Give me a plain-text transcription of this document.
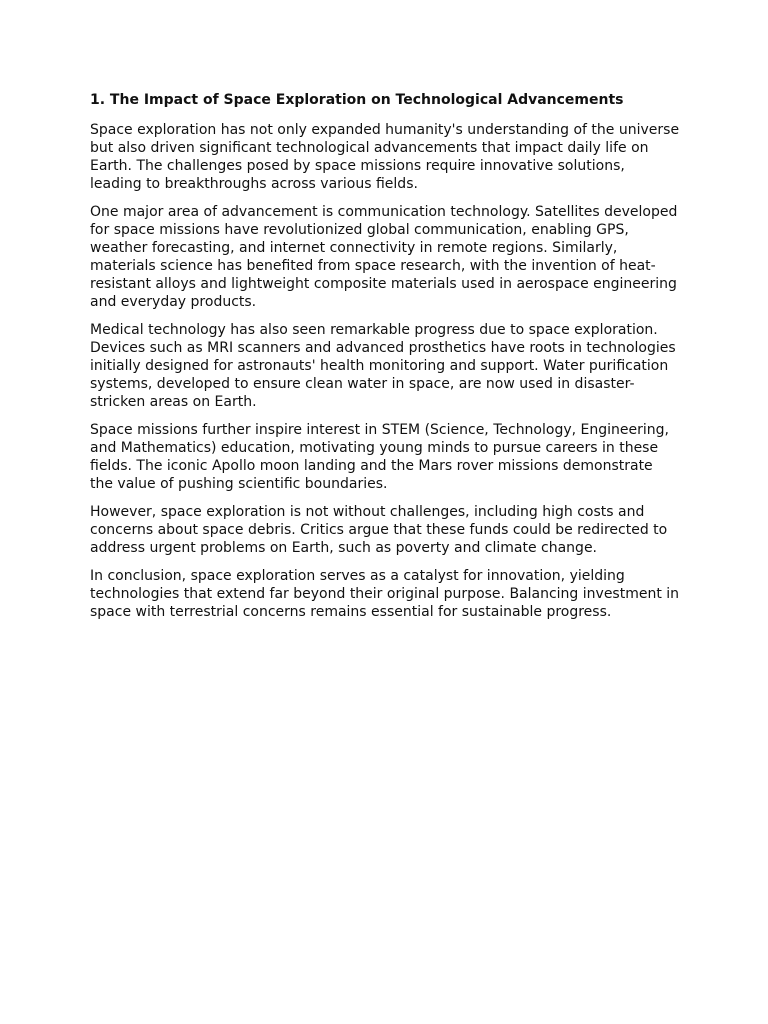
1. The Impact of Space Exploration on Technological Advancements

Space exploration has not only expanded humanity's understanding of the universe but also driven significant technological advancements that impact daily life on Earth. The challenges posed by space missions require innovative solutions, leading to breakthroughs across various fields.

One major area of advancement is communication technology. Satellites developed for space missions have revolutionized global communication, enabling GPS, weather forecasting, and internet connectivity in remote regions. Similarly, materials science has benefited from space research, with the invention of heat-resistant alloys and lightweight composite materials used in aerospace engineering and everyday products.

Medical technology has also seen remarkable progress due to space exploration. Devices such as MRI scanners and advanced prosthetics have roots in technologies initially designed for astronauts' health monitoring and support. Water purification systems, developed to ensure clean water in space, are now used in disaster-stricken areas on Earth.

Space missions further inspire interest in STEM (Science, Technology, Engineering, and Mathematics) education, motivating young minds to pursue careers in these fields. The iconic Apollo moon landing and the Mars rover missions demonstrate the value of pushing scientific boundaries.

However, space exploration is not without challenges, including high costs and concerns about space debris. Critics argue that these funds could be redirected to address urgent problems on Earth, such as poverty and climate change.

In conclusion, space exploration serves as a catalyst for innovation, yielding technologies that extend far beyond their original purpose. Balancing investment in space with terrestrial concerns remains essential for sustainable progress.
